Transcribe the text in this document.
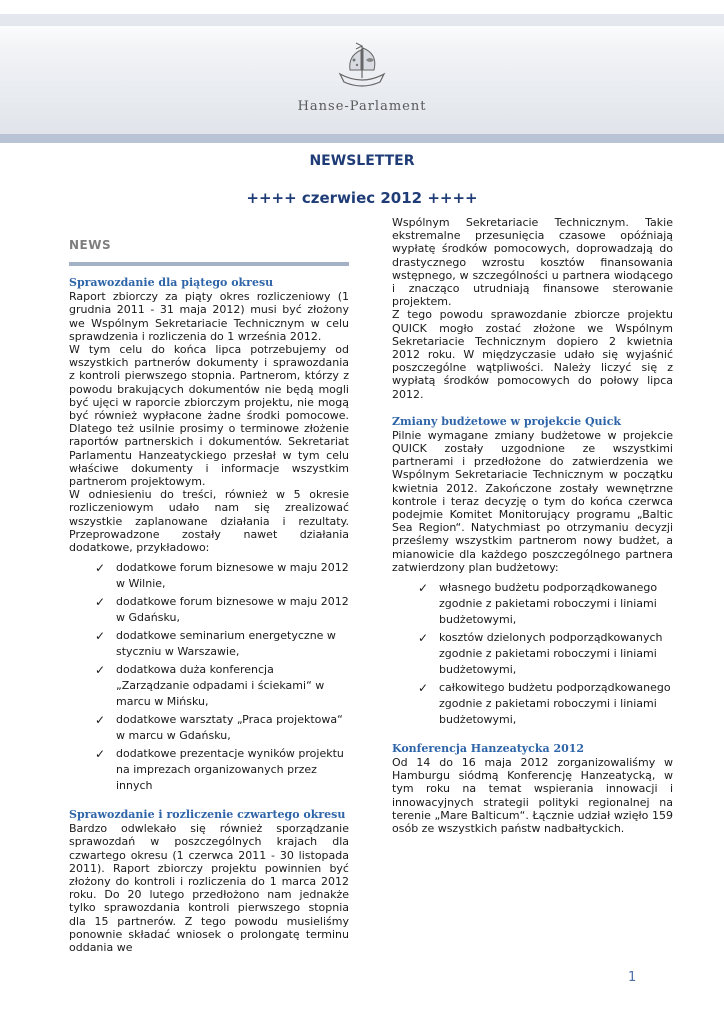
Hanse-Parlament
NEWSLETTER
++++ czerwiec 2012 ++++
NEWS
Sprawozdanie dla piątego okresu

Raport zbiorczy za piąty okres rozliczeniowy (1 grudnia 2011 - 31 maja 2012) musi być złożony we Wspólnym Sekretariacie Technicznym w celu sprawdzenia i rozliczenia do 1 września 2012.

W tym celu do końca lipca potrzebujemy od wszystkich partnerów dokumenty i sprawozdania z kontroli pierwszego stopnia. Partnerom, którzy z powodu brakujących dokumentów nie będą mogli być ujęci w raporcie zbiorczym projektu, nie mogą być również wypłacone żadne środki pomocowe. Dlatego też usilnie prosimy o terminowe złożenie raportów partnerskich i dokumentów. Sekretariat Parlamentu Hanzeatyckiego przesłał w tym celu właściwe dokumenty i informacje wszystkim partnerom projektowym.

W odniesieniu do treści, również w 5 okresie rozliczeniowym udało nam się zrealizować wszystkie zaplanowane działania i rezultaty. Przeprowadzone zostały nawet działania dodatkowe, przykładowo:

✓ dodatkowe forum biznesowe w maju 2012 w Wilnie,
✓ dodatkowe forum biznesowe w maju 2012 w Gdańsku,
✓ dodatkowe seminarium energetyczne w styczniu w Warszawie,
✓ dodatkowa duża konferencja „Zarządzanie odpadami i ściekami“ w marcu w Mińsku,
✓ dodatkowe warsztaty „Praca projektowa“ w marcu w Gdańsku,
✓ dodatkowe prezentacje wyników projektu na imprezach organizowanych przez innych
Sprawozdanie i rozliczenie czwartego okresu

Bardzo odwlekało się również sporządzanie sprawozdań w poszczególnych krajach dla czwartego okresu (1 czerwca 2011 - 30 listopada 2011). Raport zbiorczy projektu powinnien być złożony do kontroli i rozliczenia do 1 marca 2012 roku. Do 20 lutego przedłożono nam jednakże tylko sprawozdania kontroli pierwszego stopnia dla 15 partnerów. Z tego powodu musieliśmy ponownie składać wniosek o prolongatę terminu oddania we

Wspólnym Sekretariacie Technicznym. Takie ekstremalne przesunięcia czasowe opóźniają wypłatę środków pomocowych, doprowadzają do drastycznego wzrostu kosztów finansowania wstępnego, w szczególności u partnera wiodącego i znacząco utrudniają finansowe sterowanie projektem.

Z tego powodu sprawozdanie zbiorcze projektu QUICK mogło zostać złożone we Wspólnym Sekretariacie Technicznym dopiero 2 kwietnia 2012 roku. W międzyczasie udało się wyjaśnić poszczególne wątpliwości. Należy liczyć się z wypłatą środków pomocowych do połowy lipca 2012.

Zmiany budżetowe w projekcie Quick

Pilnie wymagane zmiany budżetowe w projekcie QUICK zostały uzgodnione ze wszystkimi partnerami i przedłożone do zatwierdzenia we Wspólnym Sekretariacie Technicznym w początku kwietnia 2012. Zakończone zostały wewnętrzne kontrole i teraz decyzję o tym do końca czerwca podejmie Komitet Monitorujący programu „Baltic Sea Region“. Natychmiast po otrzymaniu decyzji prześlemy wszystkim partnerom nowy budżet, a mianowicie dla każdego poszczególnego partnera zatwierdzony plan budżetowy:

✓ własnego budżetu podporządkowanego zgodnie z pakietami roboczymi i liniami budżetowymi,
✓ kosztów dzielonych podporządkowanych zgodnie z pakietami roboczymi i liniami budżetowymi,
✓ całkowitego budżetu podporządkowanego zgodnie z pakietami roboczymi i liniami budżetowymi,
Konferencja Hanzeatycka 2012

Od 14 do 16 maja 2012 zorganizowaliśmy w Hamburgu siódmą Konferencję Hanzeatycką, w tym roku na temat wspierania innowacji i innowacyjnych strategii polityki regionalnej na terenie „Mare Balticum“. Łącznie udział wzięło 159 osób ze wszystkich państw nadbałtyckich.

1
